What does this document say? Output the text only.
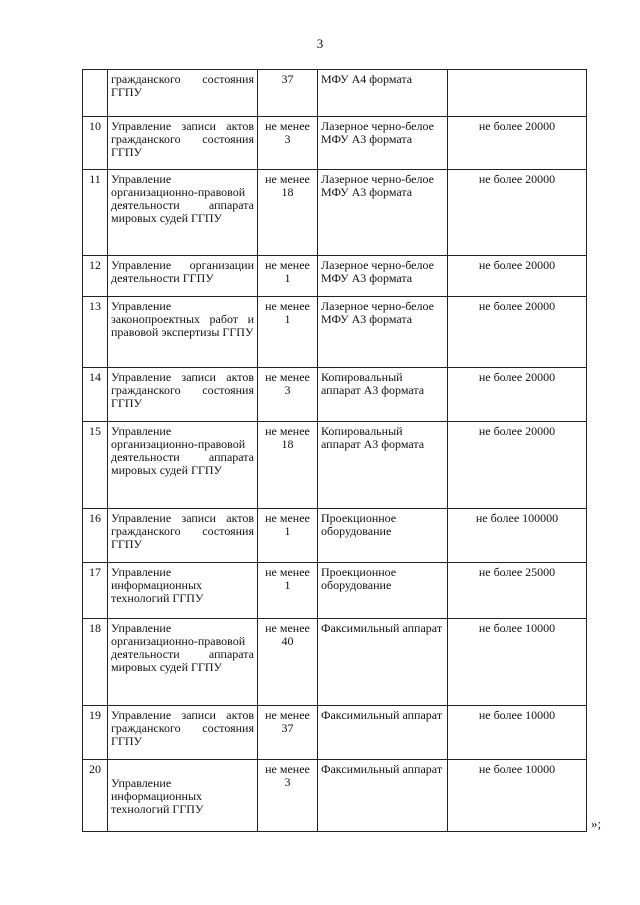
3
	гражданского состояния ГГПУ	37	МФУ А4 формата	
10	Управление записи актов гражданского состояния ГГПУ	не менее 3	Лазерное черно-белое МФУ А3 формата	не более 20000
11	Управление организационно-правовой деятельности аппарата мировых судей ГГПУ	не менее 18	Лазерное черно-белое МФУ А3 формата	не более 20000
12	Управление организации деятельности ГГПУ	не менее 1	Лазерное черно-белое МФУ А3 формата	не более 20000
13	Управление законопроектных работ и правовой экспертизы ГГПУ	не менее 1	Лазерное черно-белое МФУ А3 формата	не более 20000
14	Управление записи актов гражданского состояния ГГПУ	не менее 3	Копировальный аппарат А3 формата	не более 20000
15	Управление организационно-правовой деятельности аппарата мировых судей ГГПУ	не менее 18	Копировальный аппарат А3 формата	не более 20000
16	Управление записи актов гражданского состояния ГГПУ	не менее 1	Проекционное оборудование	не более 100000
17	Управление информационных технологий ГГПУ	не менее 1	Проекционное оборудование	не более 25000
18	Управление организационно-правовой деятельности аппарата мировых судей ГГПУ	не менее 40	Факсимильный аппарат	не более 10000
19	Управление записи актов гражданского состояния ГГПУ	не менее 37	Факсимильный аппарат	не более 10000
20	Управление информационных технологий ГГПУ	не менее 3	Факсимильный аппарат	не более 10000
»;
